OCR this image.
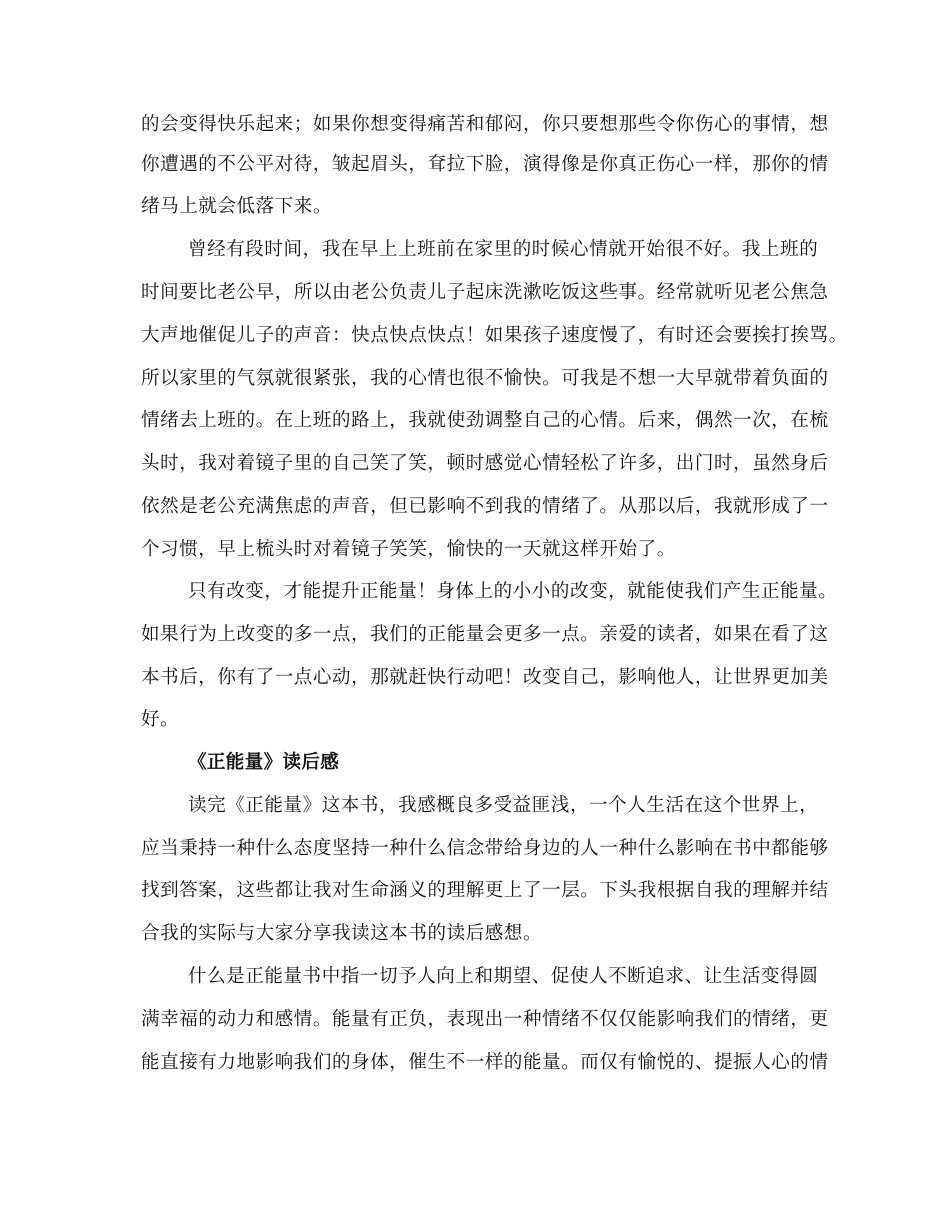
的会变得快乐起来；如果你想变得痛苦和郁闷，你只要想那些令你伤心的事情，想
你遭遇的不公平对待，皱起眉头，耷拉下脸，演得像是你真正伤心一样，那你的情
绪马上就会低落下来。
曾经有段时间，我在早上上班前在家里的时候心情就开始很不好。我上班的
时间要比老公早，所以由老公负责儿子起床洗漱吃饭这些事。经常就听见老公焦急
大声地催促儿子的声音：快点快点快点！如果孩子速度慢了，有时还会要挨打挨骂。
所以家里的气氛就很紧张，我的心情也很不愉快。可我是不想一大早就带着负面的
情绪去上班的。在上班的路上，我就使劲调整自己的心情。后来，偶然一次，在梳
头时，我对着镜子里的自己笑了笑，顿时感觉心情轻松了许多，出门时，虽然身后
依然是老公充满焦虑的声音，但已影响不到我的情绪了。从那以后，我就形成了一
个习惯，早上梳头时对着镜子笑笑，愉快的一天就这样开始了。
只有改变，才能提升正能量！身体上的小小的改变，就能使我们产生正能量。
如果行为上改变的多一点，我们的正能量会更多一点。亲爱的读者，如果在看了这
本书后，你有了一点心动，那就赶快行动吧！改变自己，影响他人，让世界更加美
好。
《正能量》读后感
读完《正能量》这本书，我感概良多受益匪浅，一个人生活在这个世界上，
应当秉持一种什么态度坚持一种什么信念带给身边的人一种什么影响在书中都能够
找到答案，这些都让我对生命涵义的理解更上了一层。下头我根据自我的理解并结
合我的实际与大家分享我读这本书的读后感想。
什么是正能量书中指一切予人向上和期望、促使人不断追求、让生活变得圆
满幸福的动力和感情。能量有正负，表现出一种情绪不仅仅能影响我们的情绪，更
能直接有力地影响我们的身体，催生不一样的能量。而仅有愉悦的、提振人心的情
